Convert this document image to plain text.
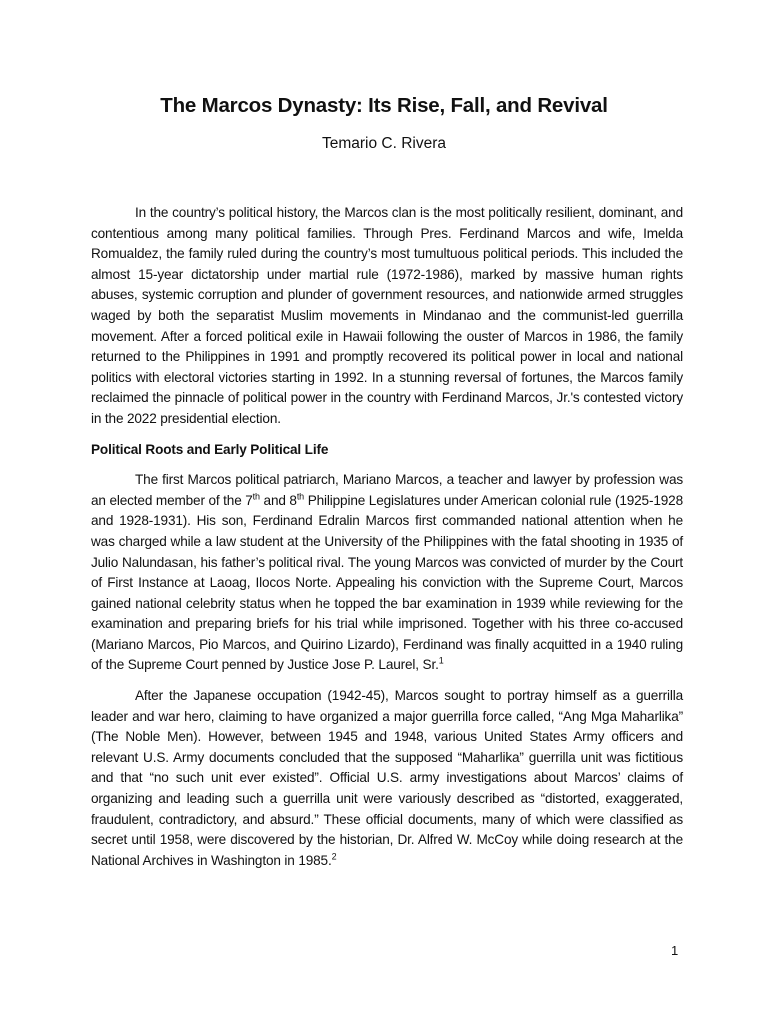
The Marcos Dynasty: Its Rise, Fall, and Revival
Temario C. Rivera

In the country’s political history, the Marcos clan is the most politically resilient, dominant, and contentious among many political families. Through Pres. Ferdinand Marcos and wife, Imelda Romualdez, the family ruled during the country’s most tumultuous political periods. This included the almost 15-year dictatorship under martial rule (1972-1986), marked by massive human rights abuses, systemic corruption and plunder of government resources, and nationwide armed struggles waged by both the separatist Muslim movements in Mindanao and the communist-led guerrilla movement. After a forced political exile in Hawaii following the ouster of Marcos in 1986, the family returned to the Philippines in 1991 and promptly recovered its political power in local and national politics with electoral victories starting in 1992. In a stunning reversal of fortunes, the Marcos family reclaimed the pinnacle of political power in the country with Ferdinand Marcos, Jr.'s contested victory in the 2022 presidential election.

Political Roots and Early Political Life

The first Marcos political patriarch, Mariano Marcos, a teacher and lawyer by profession was an elected member of the 7th and 8th Philippine Legislatures under American colonial rule (1925-1928 and 1928-1931). His son, Ferdinand Edralin Marcos first commanded national attention when he was charged while a law student at the University of the Philippines with the fatal shooting in 1935 of Julio Nalundasan, his father’s political rival. The young Marcos was convicted of murder by the Court of First Instance at Laoag, Ilocos Norte. Appealing his conviction with the Supreme Court, Marcos gained national celebrity status when he topped the bar examination in 1939 while reviewing for the examination and preparing briefs for his trial while imprisoned. Together with his three co-accused (Mariano Marcos, Pio Marcos, and Quirino Lizardo), Ferdinand was finally acquitted in a 1940 ruling of the Supreme Court penned by Justice Jose P. Laurel, Sr.$^1$

After the Japanese occupation (1942-45), Marcos sought to portray himself as a guerrilla leader and war hero, claiming to have organized a major guerrilla force called, “Ang Mga Maharlika” (The Noble Men). However, between 1945 and 1948, various United States Army officers and relevant U.S. Army documents concluded that the supposed “Maharlika” guerrilla unit was fictitious and that “no such unit ever existed”. Official U.S. army investigations about Marcos’ claims of organizing and leading such a guerrilla unit were variously described as “distorted, exaggerated, fraudulent, contradictory, and absurd.” These official documents, many of which were classified as secret until 1958, were discovered by the historian, Dr. Alfred W. McCoy while doing research at the National Archives in Washington in 1985.$^2$

1
